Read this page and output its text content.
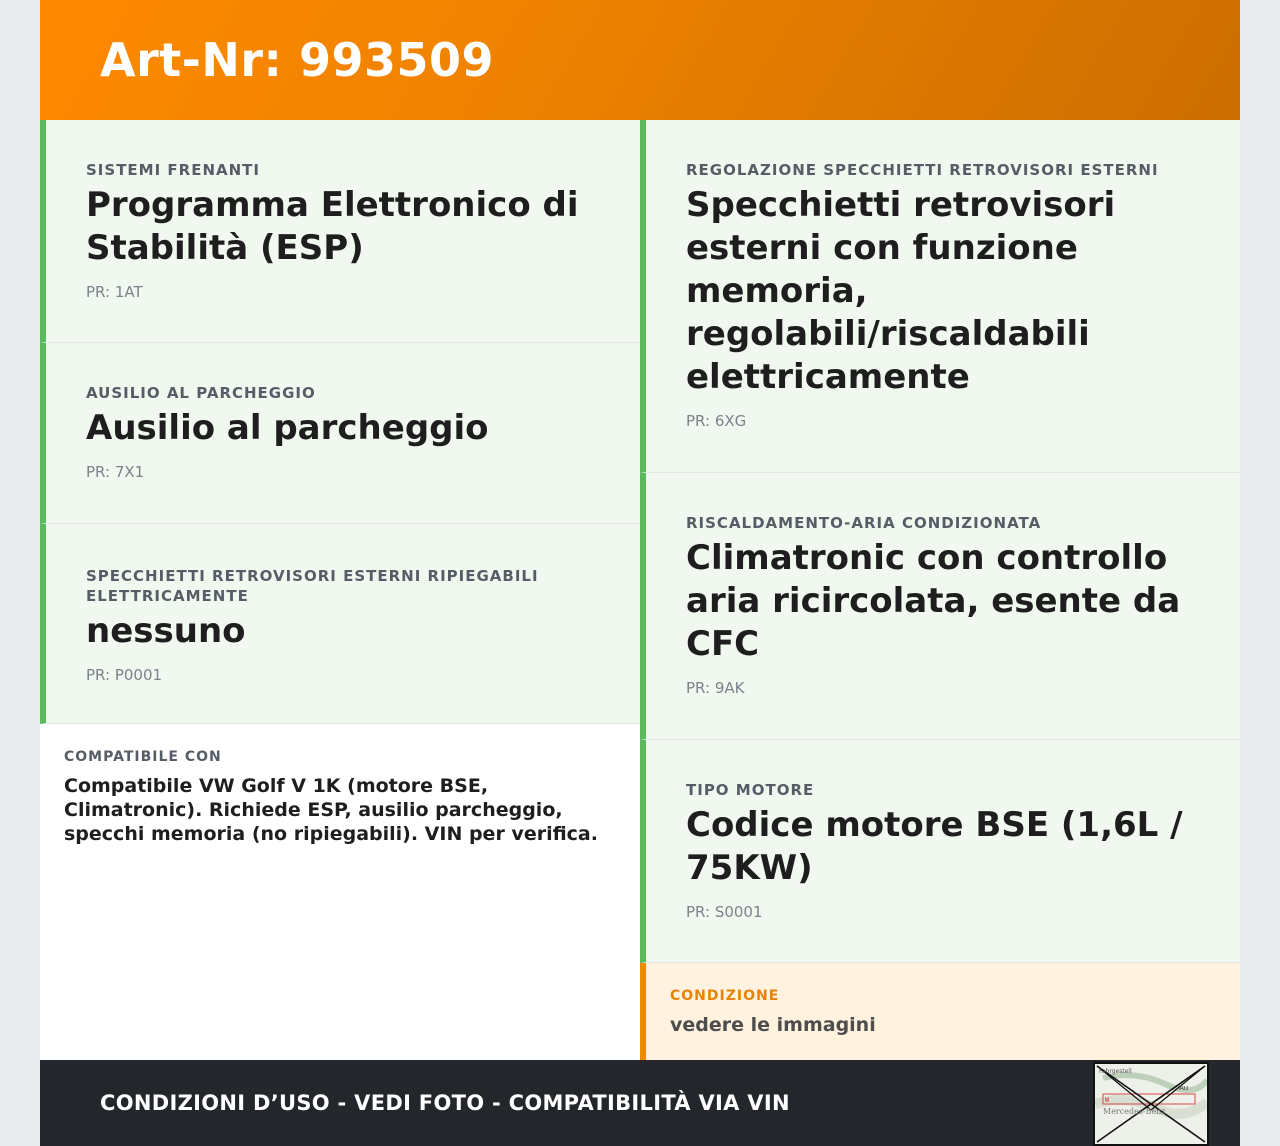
Art-Nr: 993509
SISTEMI FRENANTI
Programma Elettronico di Stabilità (ESP)
PR: 1AT
AUSILIO AL PARCHEGGIO
Ausilio al parcheggio
PR: 7X1
SPECCHIETTI RETROVISORI ESTERNI RIPIEGABILI ELETTRICAMENTE
nessuno
PR: P0001
COMPATIBILE CON
Compatibile VW Golf V 1K (motore BSE, Climatronic). Richiede ESP, ausilio parcheggio, specchi memoria (no ripiegabili). VIN per verifica.
REGOLAZIONE SPECCHIETTI RETROVISORI ESTERNI
Specchietti retrovisori esterni con funzione memoria, regolabili/riscaldabili elettricamente
PR: 6XG
RISCALDAMENTO-ARIA CONDIZIONATA
Climatronic con controllo aria ricircolata, esente da CFC
PR: 9AK
TIPO MOTORE
Codice motore BSE (1,6L / 75KW)
PR: S0001
CONDIZIONE
vedere le immagini
CONDIZIONI D’USO - VEDI FOTO - COMPATIBILITÀ VIA VIN
Fahrgestell
Au
W
Mercedes-Benz
